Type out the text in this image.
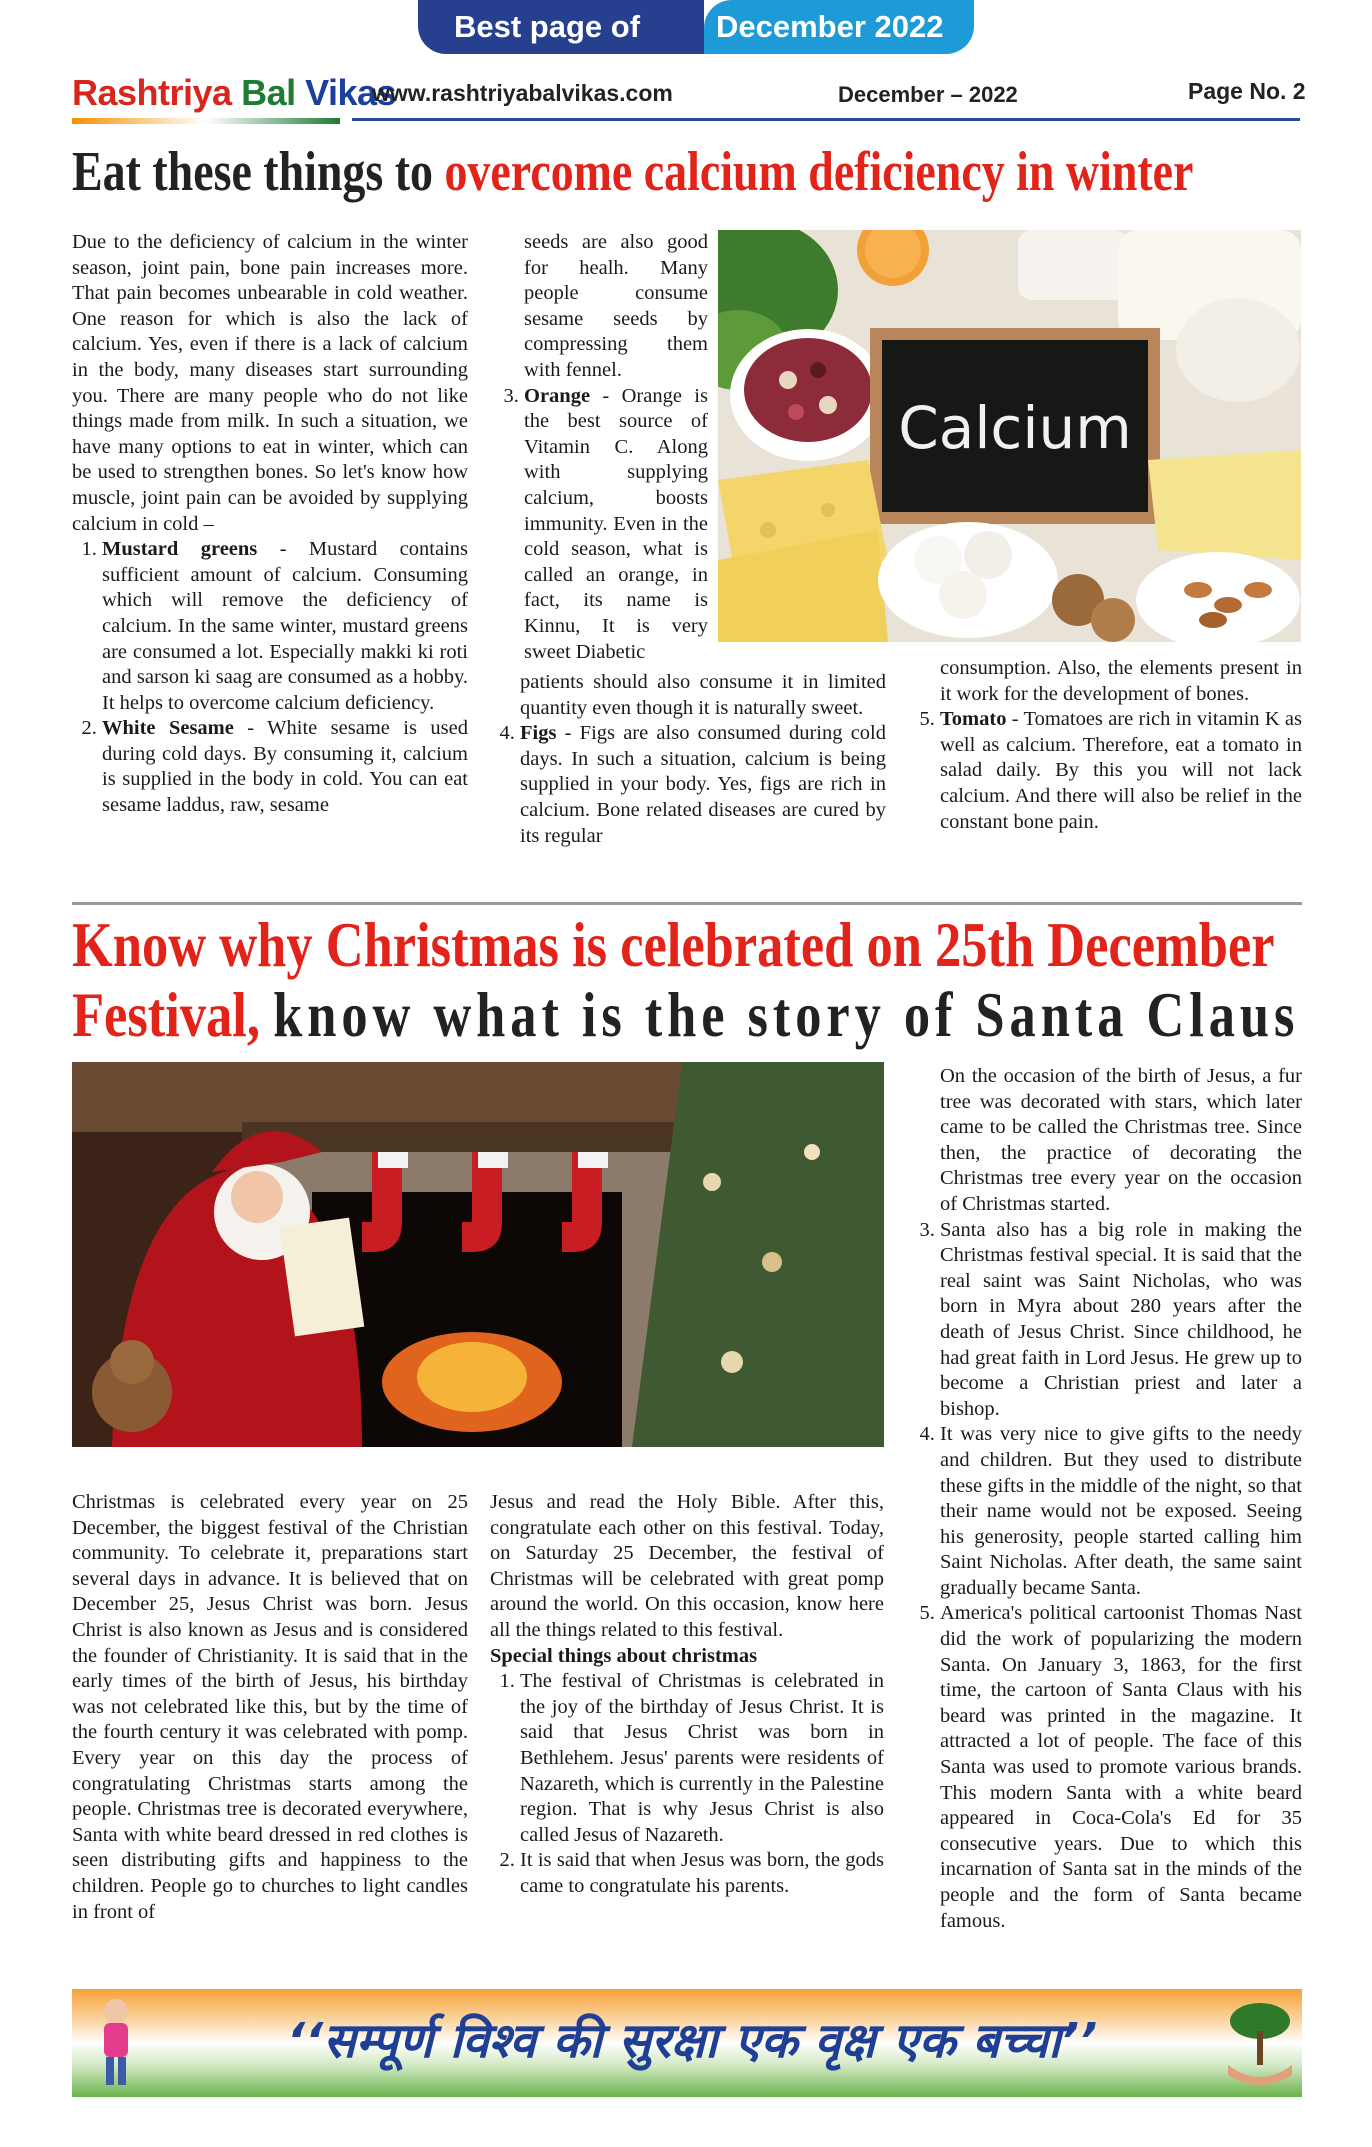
Best page of	December 2022
Rashtriya Bal Vikas
www.rashtriyabalvikas.com	December – 2022	Page No. 2
Eat these things to overcome calcium deficiency in winter

Due to the deficiency of calcium in the winter season, joint pain, bone pain increases more. That pain becomes unbearable in cold weather. One reason for which is also the lack of calcium. Yes, even if there is a lack of calcium in the body, many diseases start surrounding you. There are many people who do not like things made from milk. In such a situation, we have many options to eat in winter, which can be used to strengthen bones. So let's know how muscle, joint pain can be avoided by supplying calcium in cold –

1. Mustard greens - Mustard contains sufficient amount of calcium. Consuming which will remove the deficiency of calcium. In the same winter, mustard greens are consumed a lot. Especially makki ki roti and sarson ki saag are consumed as a hobby. It helps to overcome calcium deficiency.
2. White Sesame - White sesame is used during cold days. By consuming it, calcium is supplied in the body in cold. You can eat sesame laddus, raw, sesame

seeds are also good for healh. Many people consume sesame seeds by compressing them with fennel.

3. Orange - Orange is the best source of Vitamin C. Along with supplying calcium, boosts immunity. Even in the cold season, what is called an orange, in fact, its name is Kinnu, It is very sweet Diabetic

patients should also consume it in limited quantity even though it is naturally sweet.

4. Figs - Figs are also consumed during cold days. In such a situation, calcium is being supplied in your body. Yes, figs are rich in calcium. Bone related diseases are cured by its regular
Calcium

consumption. Also, the elements present in it work for the development of bones.

5. Tomato - Tomatoes are rich in vitamin K as well as calcium. Therefore, eat a tomato in salad daily. By this you will not lack calcium. And there will also be relief in the constant bone pain.
Know why Christmas is celebrated on 25th December
Festival, know what is the story of Santa Claus

Christmas is celebrated every year on 25 December, the biggest festival of the Christian community. To celebrate it, preparations start several days in advance. It is believed that on December 25, Jesus Christ was born. Jesus Christ is also known as Jesus and is considered the founder of Christianity. It is said that in the early times of the birth of Jesus, his birthday was not celebrated like this, but by the time of the fourth century it was celebrated with pomp. Every year on this day the process of congratulating Christmas starts among the people. Christmas tree is decorated everywhere, Santa with white beard dressed in red clothes is seen distributing gifts and happiness to the children. People go to churches to light candles in front of

Jesus and read the Holy Bible. After this, congratulate each other on this festival. Today, on Saturday 25 December, the festival of Christmas will be celebrated with great pomp around the world. On this occasion, know here all the things related to this festival.

Special things about christmas

1. The festival of Christmas is celebrated in the joy of the birthday of Jesus Christ. It is said that Jesus Christ was born in Bethlehem. Jesus' parents were residents of Nazareth, which is currently in the Palestine region. That is why Jesus Christ is also called Jesus of Nazareth.
2. It is said that when Jesus was born, the gods came to congratulate his parents.

On the occasion of the birth of Jesus, a fur tree was decorated with stars, which later came to be called the Christmas tree. Since then, the practice of decorating the Christmas tree every year on the occasion of Christmas started.

3. Santa also has a big role in making the Christmas festival special. It is said that the real saint was Saint Nicholas, who was born in Myra about 280 years after the death of Jesus Christ. Since childhood, he had great faith in Lord Jesus. He grew up to become a Christian priest and later a bishop.
4. It was very nice to give gifts to the needy and children. But they used to distribute these gifts in the middle of the night, so that their name would not be exposed. Seeing his generosity, people started calling him Saint Nicholas. After death, the same saint gradually became Santa.
5. America's political cartoonist Thomas Nast did the work of popularizing the modern Santa. On January 3, 1863, for the first time, the cartoon of Santa Claus with his beard was printed in the magazine. It attracted a lot of people. The face of this Santa was used to promote various brands. This modern Santa with a white beard appeared in Coca-Cola's Ed for 35 consecutive years. Due to which this incarnation of Santa sat in the minds of the people and the form of Santa became famous.
‘‘सम्पूर्ण विश्व की सुरक्षा एक वृक्ष एक बच्चा’’
